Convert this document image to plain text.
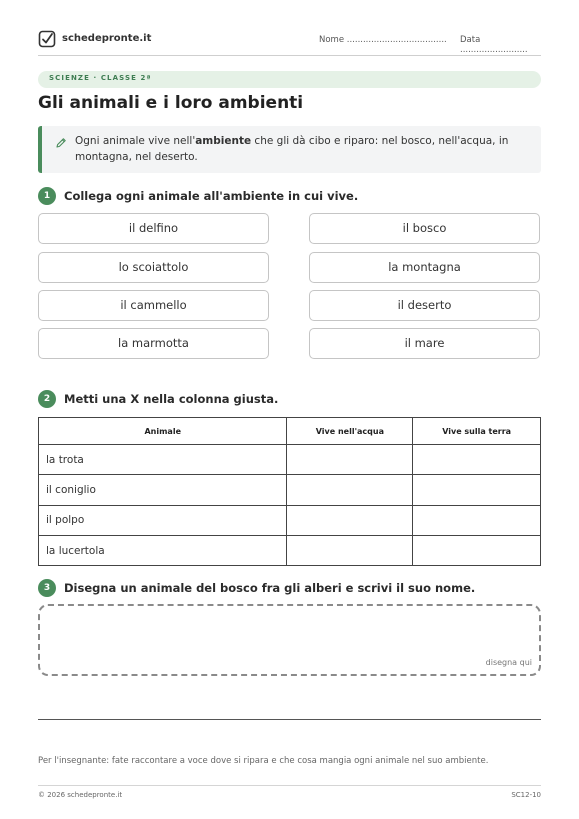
schedepronte.it	Nome ..................................... Data .........................
SCIENZE · CLASSE 2ª
Gli animali e i loro ambienti
Ogni animale vive nell'ambiente che gli dà cibo e riparo: nel bosco, nell'acqua, in montagna, nel deserto.
1	Collega ogni animale all'ambiente in cui vive.
il delfino
lo scoiattolo
il cammello
la marmotta
il bosco
la montagna
il deserto
il mare
2	Metti una X nella colonna giusta.
Animale	Vive nell'acqua	Vive sulla terra
la trota		
il coniglio		
il polpo		
la lucertola		
3	Disegna un animale del bosco fra gli alberi e scrivi il suo nome.
disegna qui
Per l'insegnante: fate raccontare a voce dove si ripara e che cosa mangia ogni animale nel suo ambiente.
© 2026 schedepronte.it	SC12-10
